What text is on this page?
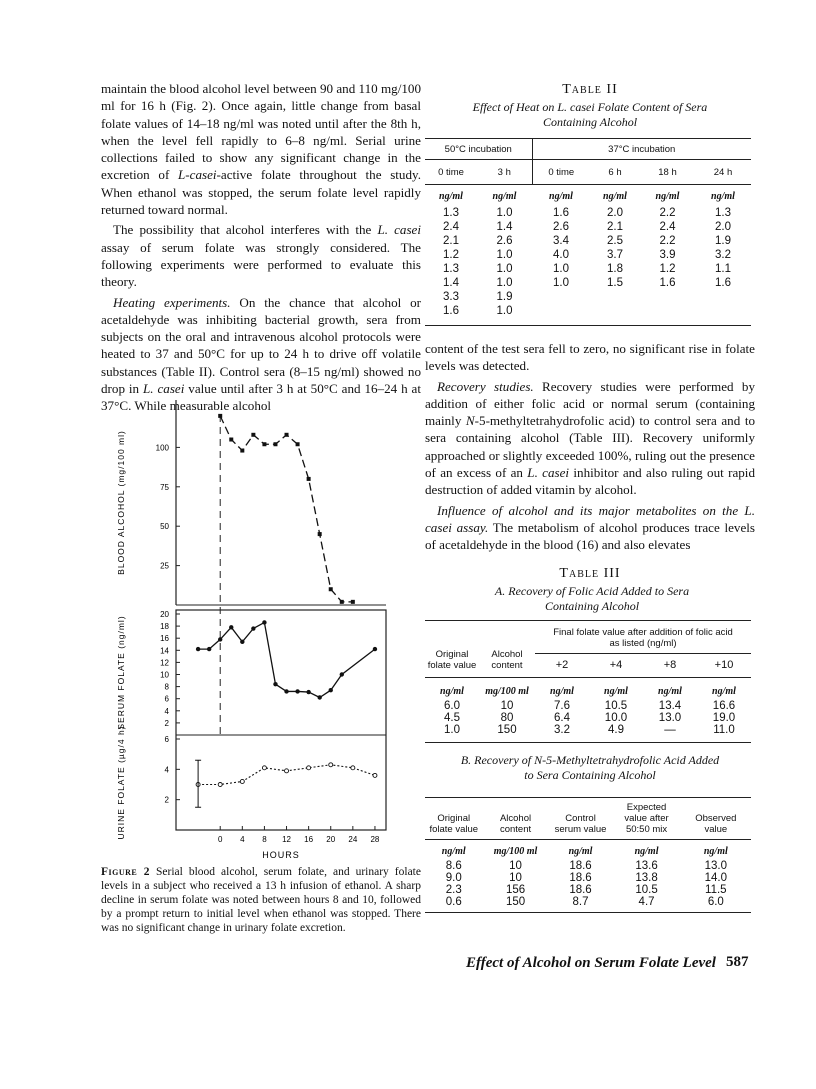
maintain the blood alcohol level between 90 and 110 mg/100 ml for 16 h (Fig. 2). Once again, little change from basal folate values of 14–18 ng/ml was noted until after the 8th h, when the level fell rapidly to 6–8 ng/ml. Serial urine collections failed to show any significant change in the excretion of L-casei-active folate throughout the study. When ethanol was stopped, the serum folate level rapidly returned toward normal.

The possibility that alcohol interferes with the L. casei assay of serum folate was strongly considered. The following experiments were performed to evaluate this theory.

Heating experiments. On the chance that alcohol or acetaldehyde was inhibiting bacterial growth, sera from subjects on the oral and intravenous alcohol protocols were heated to 37 and 50°C for up to 24 h to drive off volatile substances (Table II). Control sera (8–15 ng/ml) showed no drop in L. casei value until after 3 h at 50°C and 16–24 h at 37°C. While measurable alcohol

25
50
75
100
BLOOD ALCOHOL (mg/100 ml)
2
4
6
8
10
12
14
16
18
20
SERUM FOLATE (ng/ml)
2
4
6
URINE FOLATE (µg/4 h)	0 4 8 12 16 20 24 28
HOURS
Figure 2 Serial blood alcohol, serum folate, and urinary folate levels in a subject who received a 13 h infusion of ethanol. A sharp decline in serum folate was noted between hours 8 and 10, followed by a prompt return to initial level when ethanol was stopped. There was no significant change in urinary folate excretion.

Table II

Effect of Heat on L. casei Folate Content of Sera Containing Alcohol

50°C incubation		37°C incubation			
0 time	3 h	0 time	6 h	18 h	24 h
ng/ml	ng/ml	ng/ml	ng/ml	ng/ml	ng/ml
1.3	1.0	1.6	2.0	2.2	1.3
2.4	1.4	2.6	2.1	2.4	2.0
2.1	2.6	3.4	2.5	2.2	1.9
1.2	1.0	4.0	3.7	3.9	3.2
1.3	1.0	1.0	1.8	1.2	1.1
1.4	1.0	1.0	1.5	1.6	1.6
3.3	1.9				
1.6	1.0				

content of the test sera fell to zero, no significant rise in folate levels was detected.

Recovery studies. Recovery studies were performed by addition of either folic acid or normal serum (containing mainly N-5-methyltetrahydrofolic acid) to control sera and to sera containing alcohol (Table III). Recovery uniformly approached or slightly exceeded 100%, ruling out the presence of an excess of an L. casei inhibitor and also ruling out rapid destruction of added vitamin by alcohol.

Influence of alcohol and its major metabolites on the L. casei assay. The metabolism of alcohol produces trace levels of acetaldehyde in the blood (16) and also elevates

Table III

A. Recovery of Folic Acid Added to Sera Containing Alcohol

Original folate value	Alcohol content	Final folate value after addition of folic acid as listed (ng/ml)			
		+2	+4	+8	+10
ng/ml	mg/100 ml	ng/ml	ng/ml	ng/ml	ng/ml
6.0	10	7.6	10.5	13.4	16.6
4.5	80	6.4	10.0	13.0	19.0
1.0	150	3.2	4.9	—	11.0

B. Recovery of N-5-Methyltetrahydrofolic Acid Added to Sera Containing Alcohol

Original folate value	Alcohol content	Control serum value	Expected value after 50:50 mix	Observed value
ng/ml	mg/100 ml	ng/ml	ng/ml	ng/ml
8.6	10	18.6	13.6	13.0
9.0	10	18.6	13.8	14.0
2.3	156	18.6	10.5	11.5
0.6	150	8.7	4.7	6.0
Effect of Alcohol on Serum Folate Level 587
